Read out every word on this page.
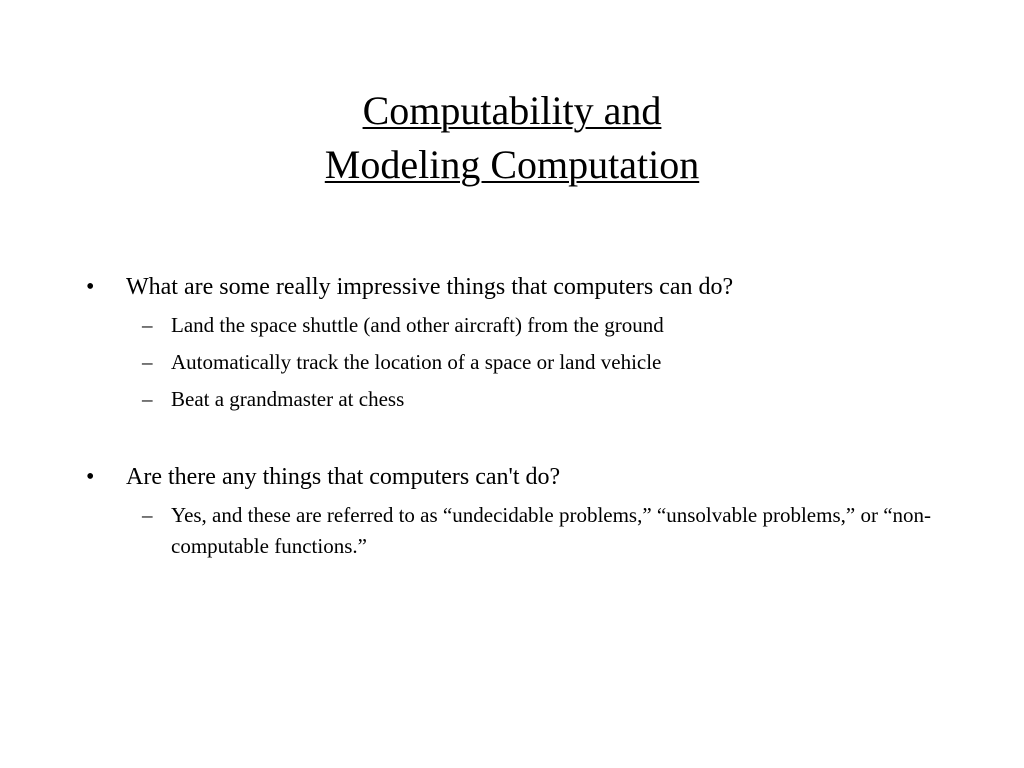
Computability and
Modeling Computation
• What are some really impressive things that computers can do?
– Land the space shuttle (and other aircraft) from the ground
– Automatically track the location of a space or land vehicle
– Beat a grandmaster at chess
• Are there any things that computers can't do?
– Yes, and these are referred to as “undecidable problems,” “unsolvable problems,” or “non-computable functions.”
